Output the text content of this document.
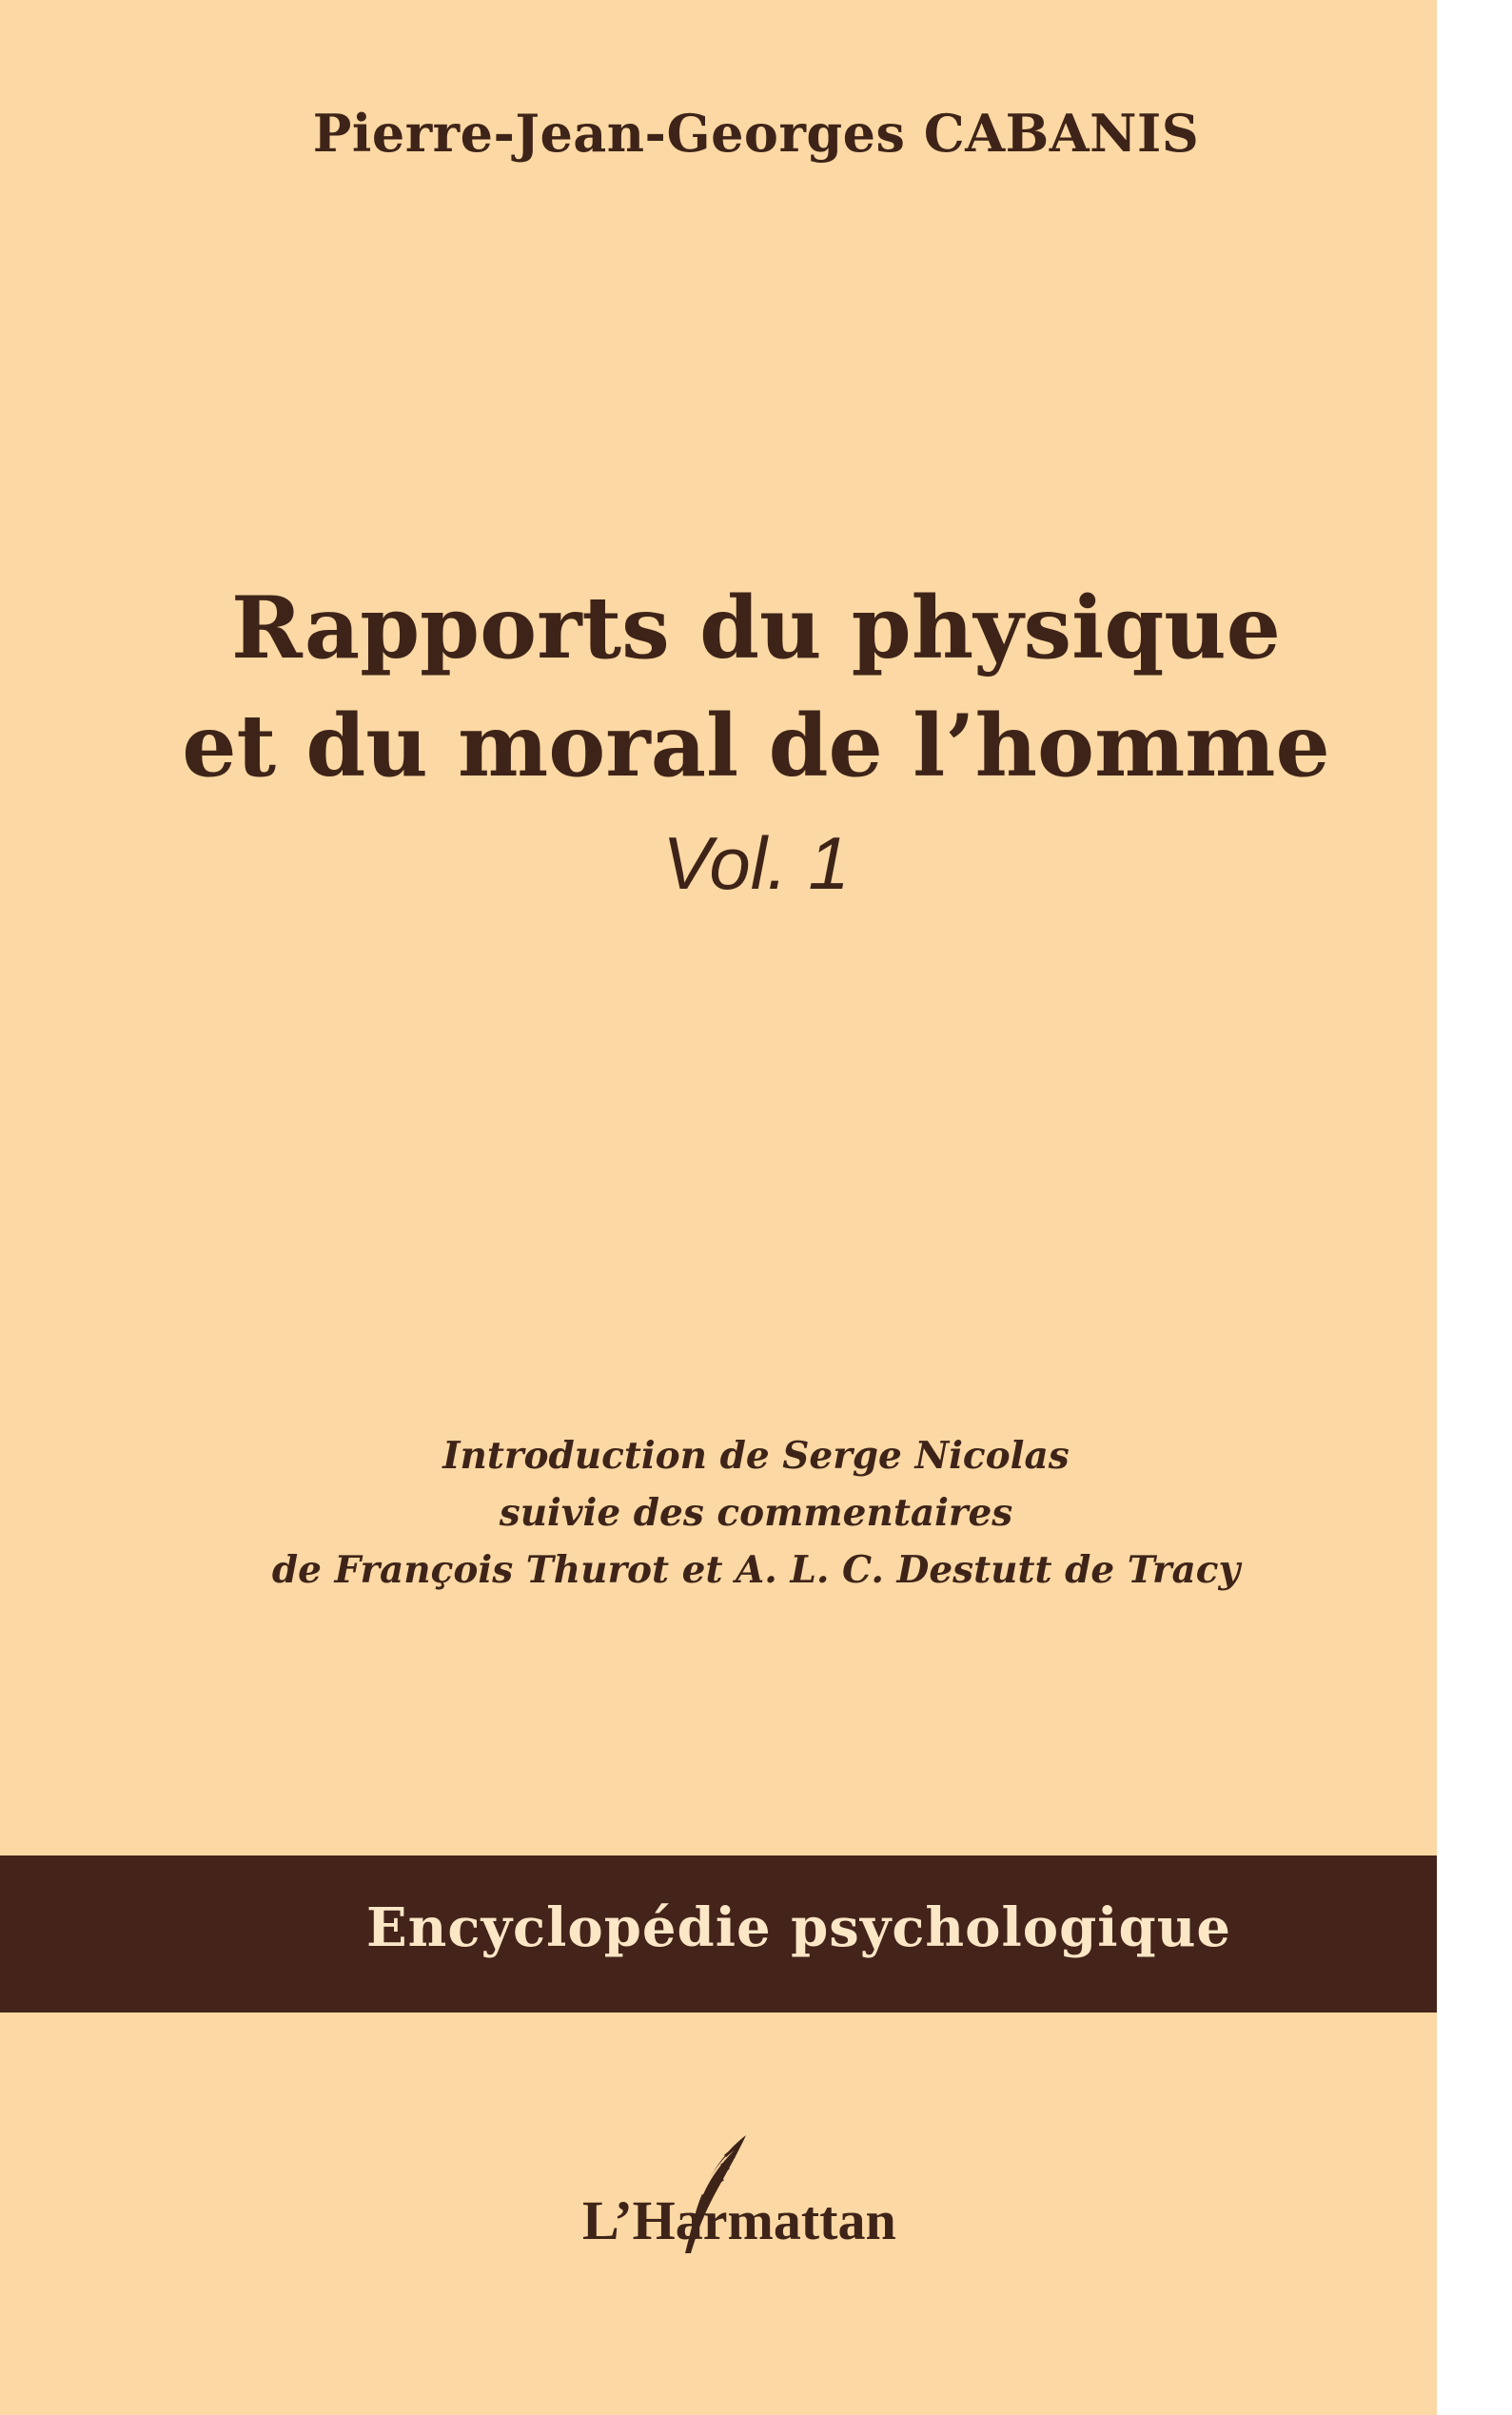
Pierre-Jean-Georges CABANIS
Rapports du physique
et du moral de l’homme
Vol. 1
Introduction de Serge Nicolas
suivie des commentaires
de François Thurot et A. L. C. Destutt de Tracy
Encyclopédie psychologique
L’Harmattan
